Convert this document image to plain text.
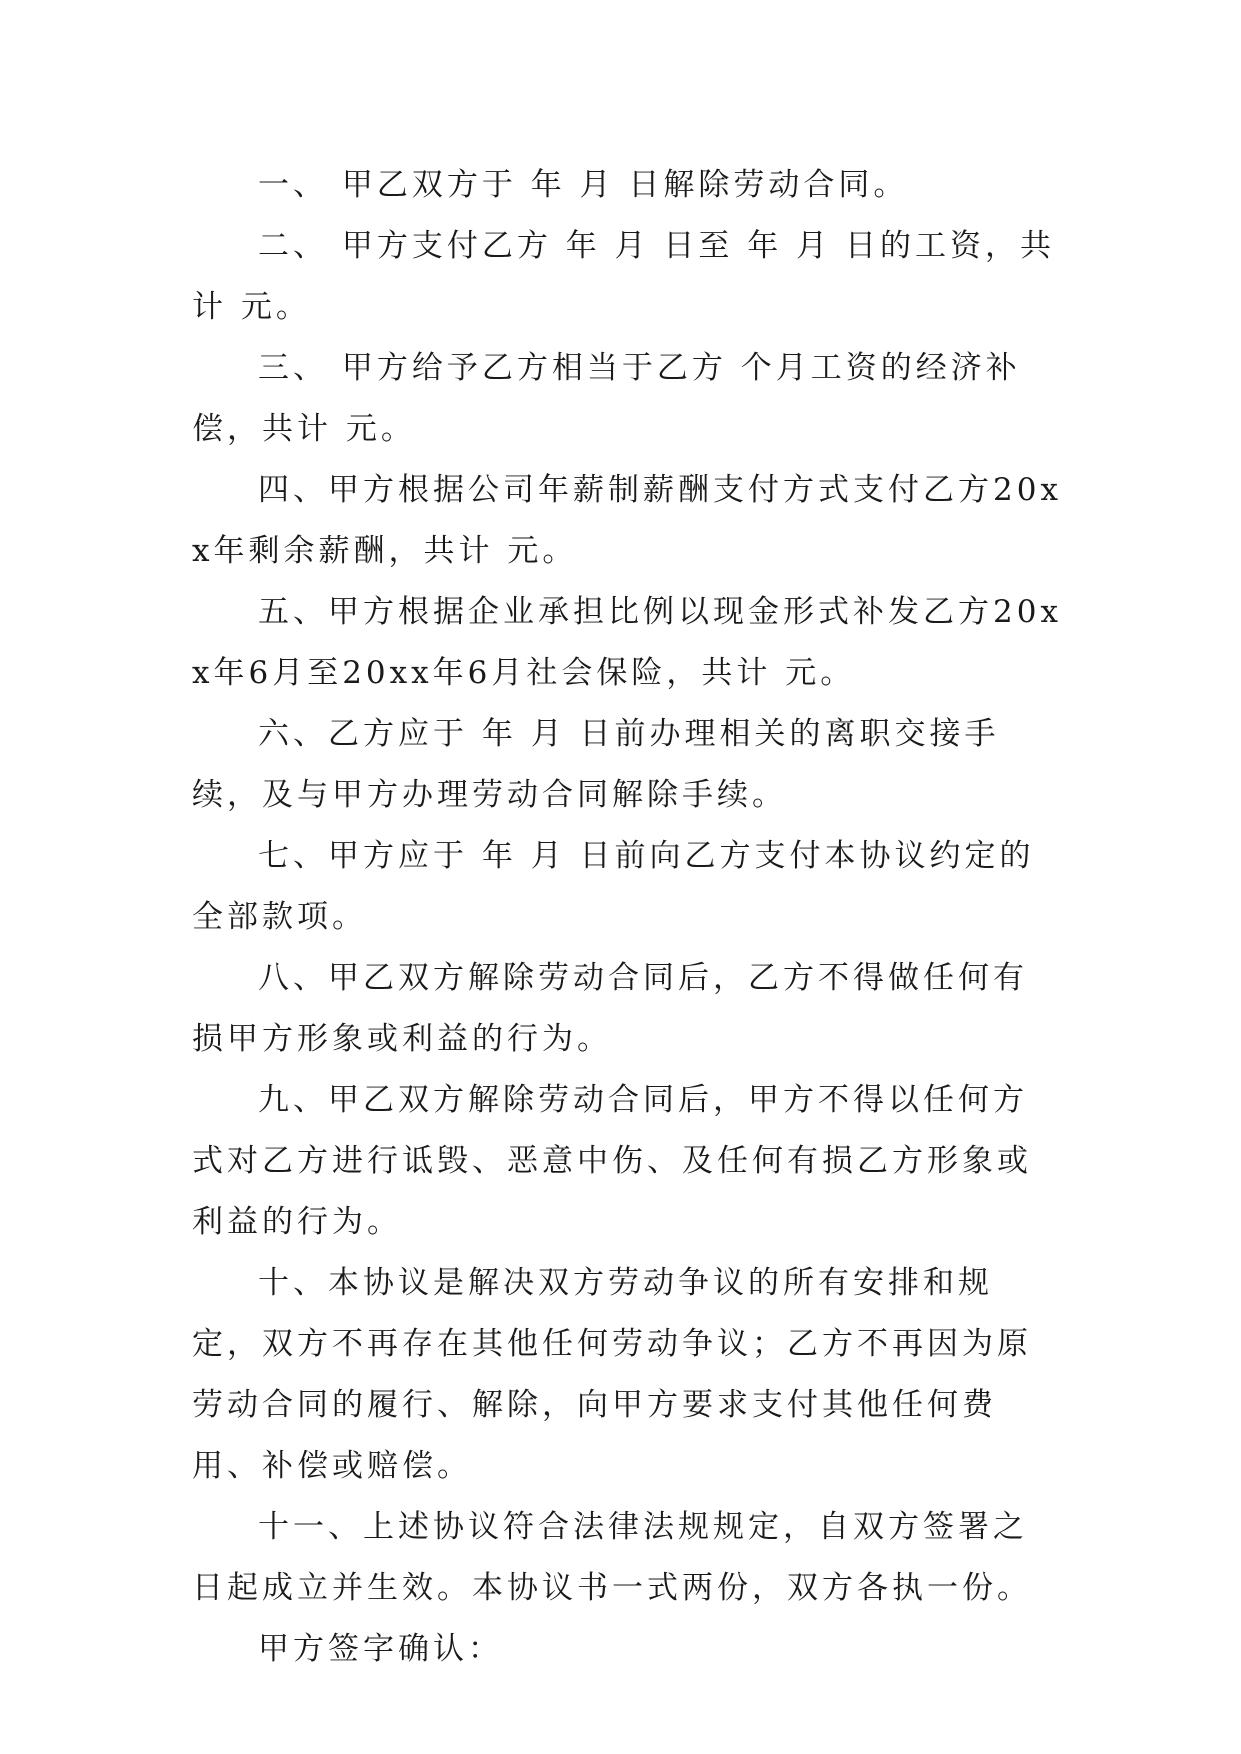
一、 甲乙双方于 年 月 日解除劳动合同。

二、 甲方支付乙方 年 月 日至 年 月 日的工资，共计 元。

三、 甲方给予乙方相当于乙方 个月工资的经济补偿，共计 元。

四、甲方根据公司年薪制薪酬支付方式支付乙方20xx年剩余薪酬，共计 元。

五、甲方根据企业承担比例以现金形式补发乙方20xx年6月至20xx年6月社会保险，共计 元。

六、乙方应于 年 月 日前办理相关的离职交接手续，及与甲方办理劳动合同解除手续。

七、甲方应于 年 月 日前向乙方支付本协议约定的全部款项。

八、甲乙双方解除劳动合同后，乙方不得做任何有损甲方形象或利益的行为。

九、甲乙双方解除劳动合同后，甲方不得以任何方式对乙方进行诋毁、恶意中伤、及任何有损乙方形象或利益的行为。

十、本协议是解决双方劳动争议的所有安排和规定，双方不再存在其他任何劳动争议；乙方不再因为原劳动合同的履行、解除，向甲方要求支付其他任何费用、补偿或赔偿。

十一、上述协议符合法律法规规定，自双方签署之日起成立并生效。本协议书一式两份，双方各执一份。

甲方签字确认：
